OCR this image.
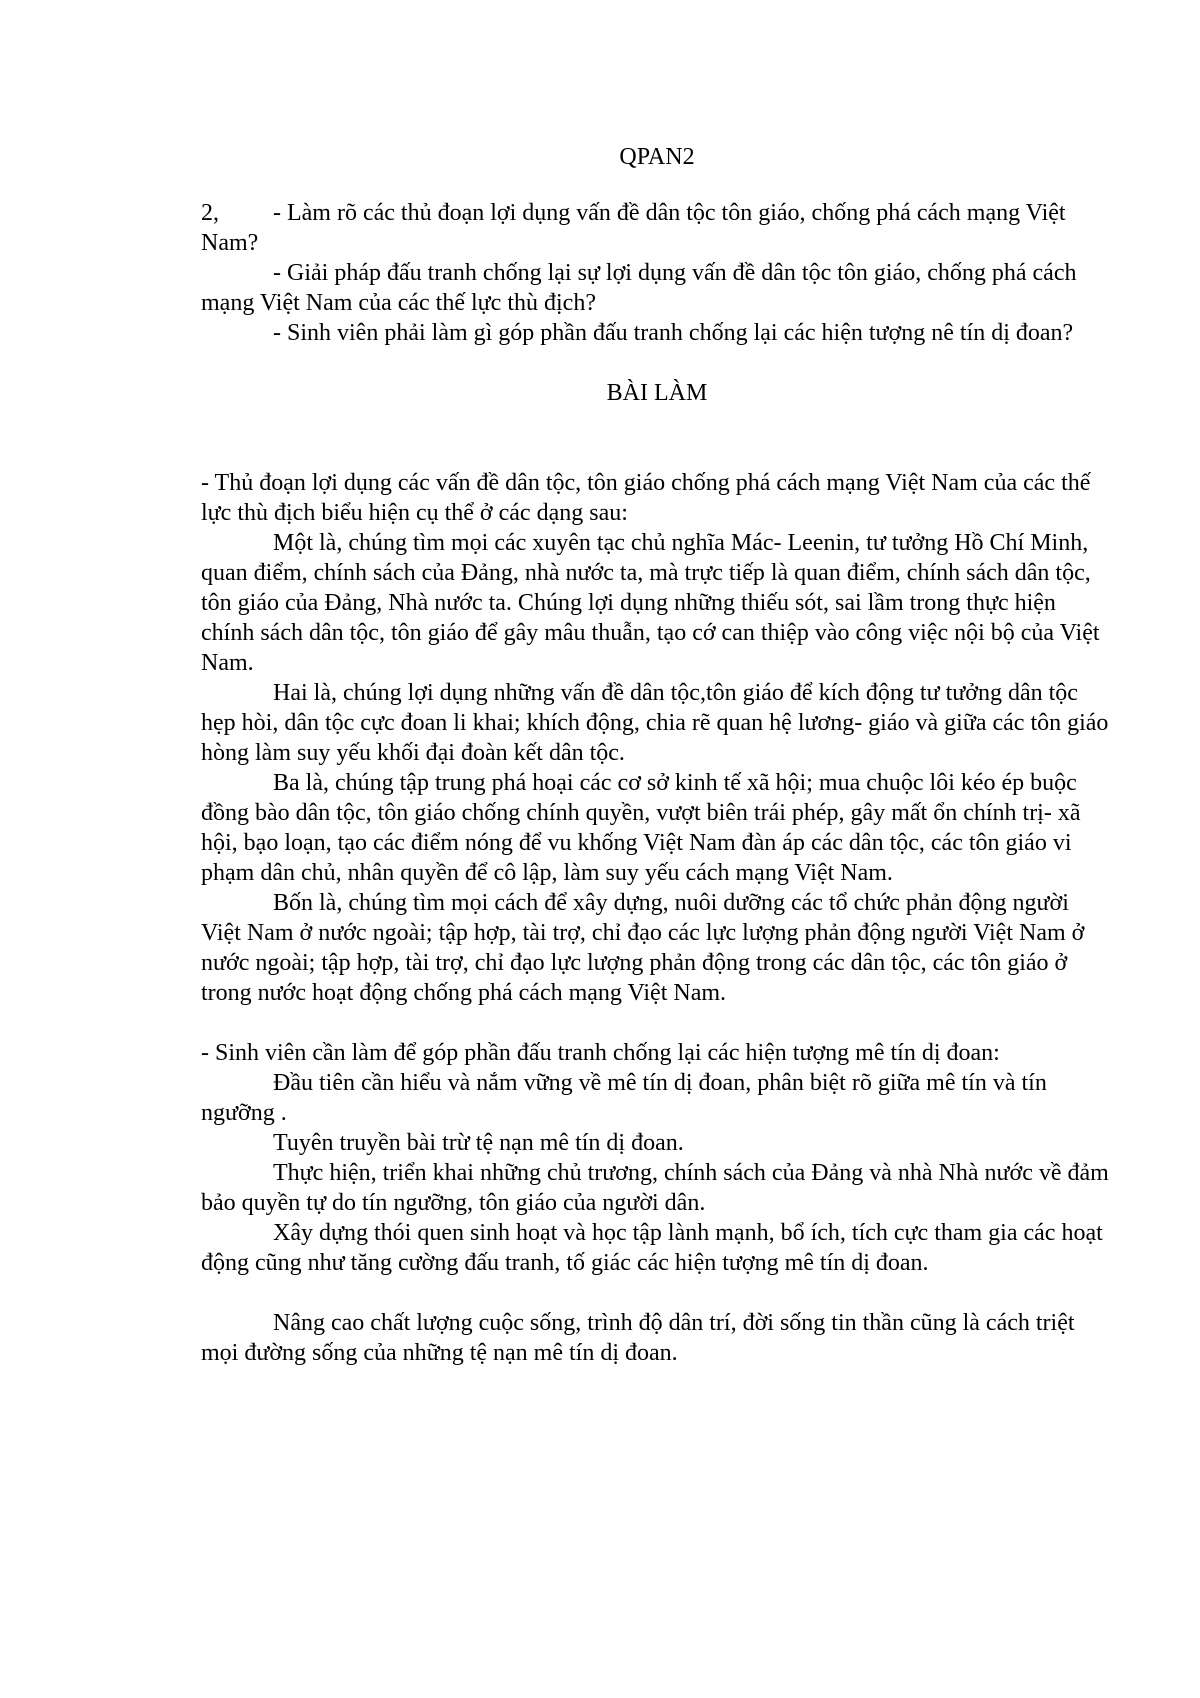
QPAN2

2, - Làm rõ các thủ đoạn lợi dụng vấn đề dân tộc tôn giáo, chống phá cách mạng Việt Nam?

- Giải pháp đấu tranh chống lại sự lợi dụng vấn đề dân tộc tôn giáo, chống phá cách mạng Việt Nam của các thế lực thù địch?

- Sinh viên phải làm gì góp phần đấu tranh chống lại các hiện tượng nê tín dị đoan?

BÀI LÀM

- Thủ đoạn lợi dụng các vấn đề dân tộc, tôn giáo chống phá cách mạng Việt Nam của các thế lực thù địch biểu hiện cụ thể ở các dạng sau:

Một là, chúng tìm mọi các xuyên tạc chủ nghĩa Mác- Leenin, tư tưởng Hồ Chí Minh, quan điểm, chính sách của Đảng, nhà nước ta, mà trực tiếp là quan điểm, chính sách dân tộc, tôn giáo của Đảng, Nhà nước ta. Chúng lợi dụng những thiếu sót, sai lầm trong thực hiện chính sách dân tộc, tôn giáo để gây mâu thuẫn, tạo cớ can thiệp vào công việc nội bộ của Việt Nam.

Hai là, chúng lợi dụng những vấn đề dân tộc,tôn giáo để kích động tư tưởng dân tộc hẹp hòi, dân tộc cực đoan li khai; khích động, chia rẽ quan hệ lương- giáo và giữa các tôn giáo hòng làm suy yếu khối đại đoàn kết dân tộc.

Ba là, chúng tập trung phá hoại các cơ sở kinh tế xã hội; mua chuộc lôi kéo ép buộc đồng bào dân tộc, tôn giáo chống chính quyền, vượt biên trái phép, gây mất ổn chính trị- xã hội, bạo loạn, tạo các điểm nóng để vu khống Việt Nam đàn áp các dân tộc, các tôn giáo vi phạm dân chủ, nhân quyền để cô lập, làm suy yếu cách mạng Việt Nam.

Bốn là, chúng tìm mọi cách để xây dựng, nuôi dưỡng các tổ chức phản động người Việt Nam ở nước ngoài; tập hợp, tài trợ, chỉ đạo các lực lượng phản động người Việt Nam ở nước ngoài; tập hợp, tài trợ, chỉ đạo lực lượng phản động trong các dân tộc, các tôn giáo ở trong nước hoạt động chống phá cách mạng Việt Nam.

- Sinh viên cần làm để góp phần đấu tranh chống lại các hiện tượng mê tín dị đoan:

Đầu tiên cần hiểu và nắm vững về mê tín dị đoan, phân biệt rõ giữa mê tín và tín ngưỡng .

Tuyên truyền bài trừ tệ nạn mê tín dị đoan.

Thực hiện, triển khai những chủ trương, chính sách của Đảng và nhà Nhà nước về đảm bảo quyền tự do tín ngưỡng, tôn giáo của người dân.

Xây dựng thói quen sinh hoạt và học tập lành mạnh, bổ ích, tích cực tham gia các hoạt động cũng như tăng cường đấu tranh, tố giác các hiện tượng mê tín dị đoan.

Nâng cao chất lượng cuộc sống, trình độ dân trí, đời sống tin thần cũng là cách triệt mọi đường sống của những tệ nạn mê tín dị đoan.
